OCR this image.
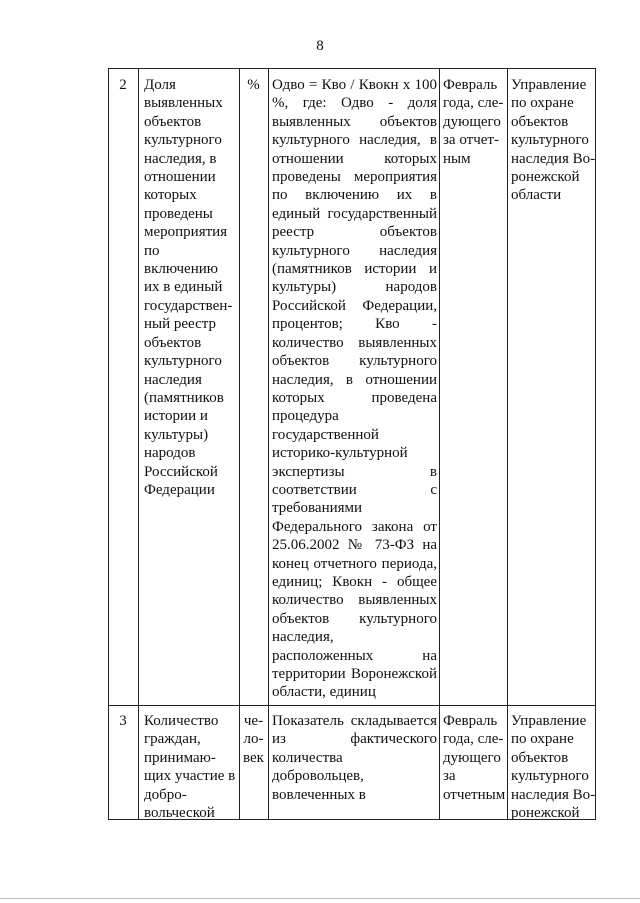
8
2	Доля
выявленных
объектов
культурного
наследия, в
отношении
которых
проведены
мероприятия
по
включению
их в единый
государствен-
ный реестр
объектов
культурного
наследия
(памятников
истории и
культуры)
народов
Российской
Федерации
% Одво = Кво / Квокн х 100 %, где: Одво - доля выявленных объектов культурного наследия, в отношении которых проведены мероприятия по включению их в единый государственный реестр объектов культурного наследия (памятников истории и культуры) народов Российской Федерации, процентов; Кво - количество выявленных объектов культурного наследия, в отношении которых проведена процедура государственной историко-культурной экспертизы в соответствии с требованиями Федерального закона от 25.06.2002 № 73-ФЗ на конец отчетного периода, единиц; Квокн - общее количество выявленных объектов культурного наследия, расположенных на территории Воронежской области, единиц
Февраль
года, сле-
дующего
за отчет-
ным
Управление
по охране
объектов
культурного
наследия Во-
ронежской
области
3	Количество
граждан,
принимаю-
щих участие в
добро-
вольческой
че-
ло-
век
Показатель складывается из фактического количества добровольцев, вовлеченных в
Февраль
года, сле-
дующего
за
отчетным
Управление
по охране
объектов
культурного
наследия Во-
ронежской
